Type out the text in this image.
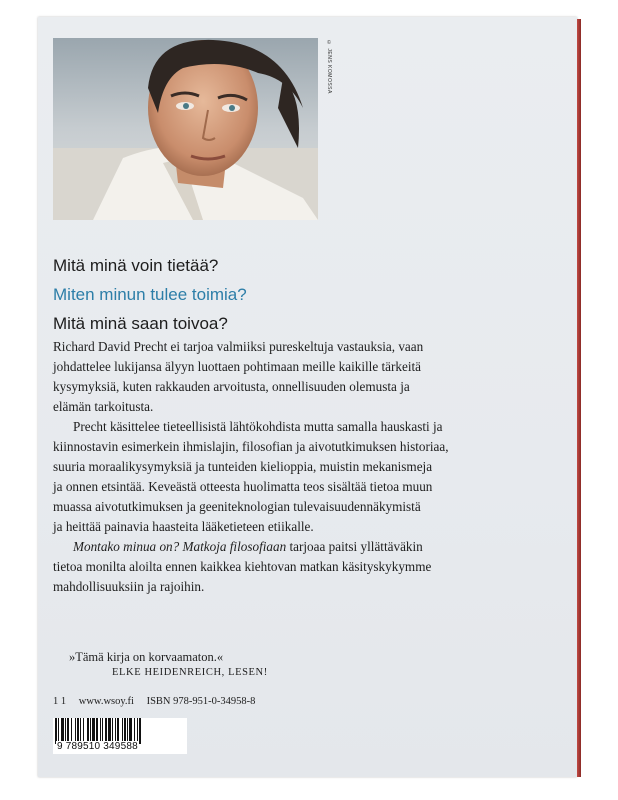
© JENS KOMOSSA
Mitä minä voin tietää?
Miten minun tulee toimia?
Mitä minä saan toivoa?

Richard David Precht ei tarjoa valmiiksi pureskeltuja vastauksia, vaan
johdattelee lukijansa älyyn luottaen pohtimaan meille kaikille tärkeitä
kysymyksiä, kuten rakkauden arvoitusta, onnellisuuden olemusta ja
elämän tarkoitusta.

Precht käsittelee tieteellisistä lähtökohdista mutta samalla hauskasti ja
kiinnostavin esimerkein ihmislajin, filosofian ja aivotutkimuksen historiaa,
suuria moraalikysymyksiä ja tunteiden kielioppia, muistin mekanismeja
ja onnen etsintää. Keveästä otteesta huolimatta teos sisältää tietoa muun
muassa aivotutkimuksen ja geeniteknologian tulevaisuudennäkymistä
ja heittää painavia haasteita lääketieteen etiikalle.

Montako minua on? Matkoja filosofiaan tarjoaa paitsi yllättäväkin
tietoa monilta aloilta ennen kaikkea kiehtovan matkan käsityskykymme
mahdollisuuksiin ja rajoihin.

»Tämä kirja on korvaamaton.«
ELKE HEIDENREICH, LESEN!
1 1 www.wsoy.fi ISBN 978-951-0-34958-8
9 789510 349588
